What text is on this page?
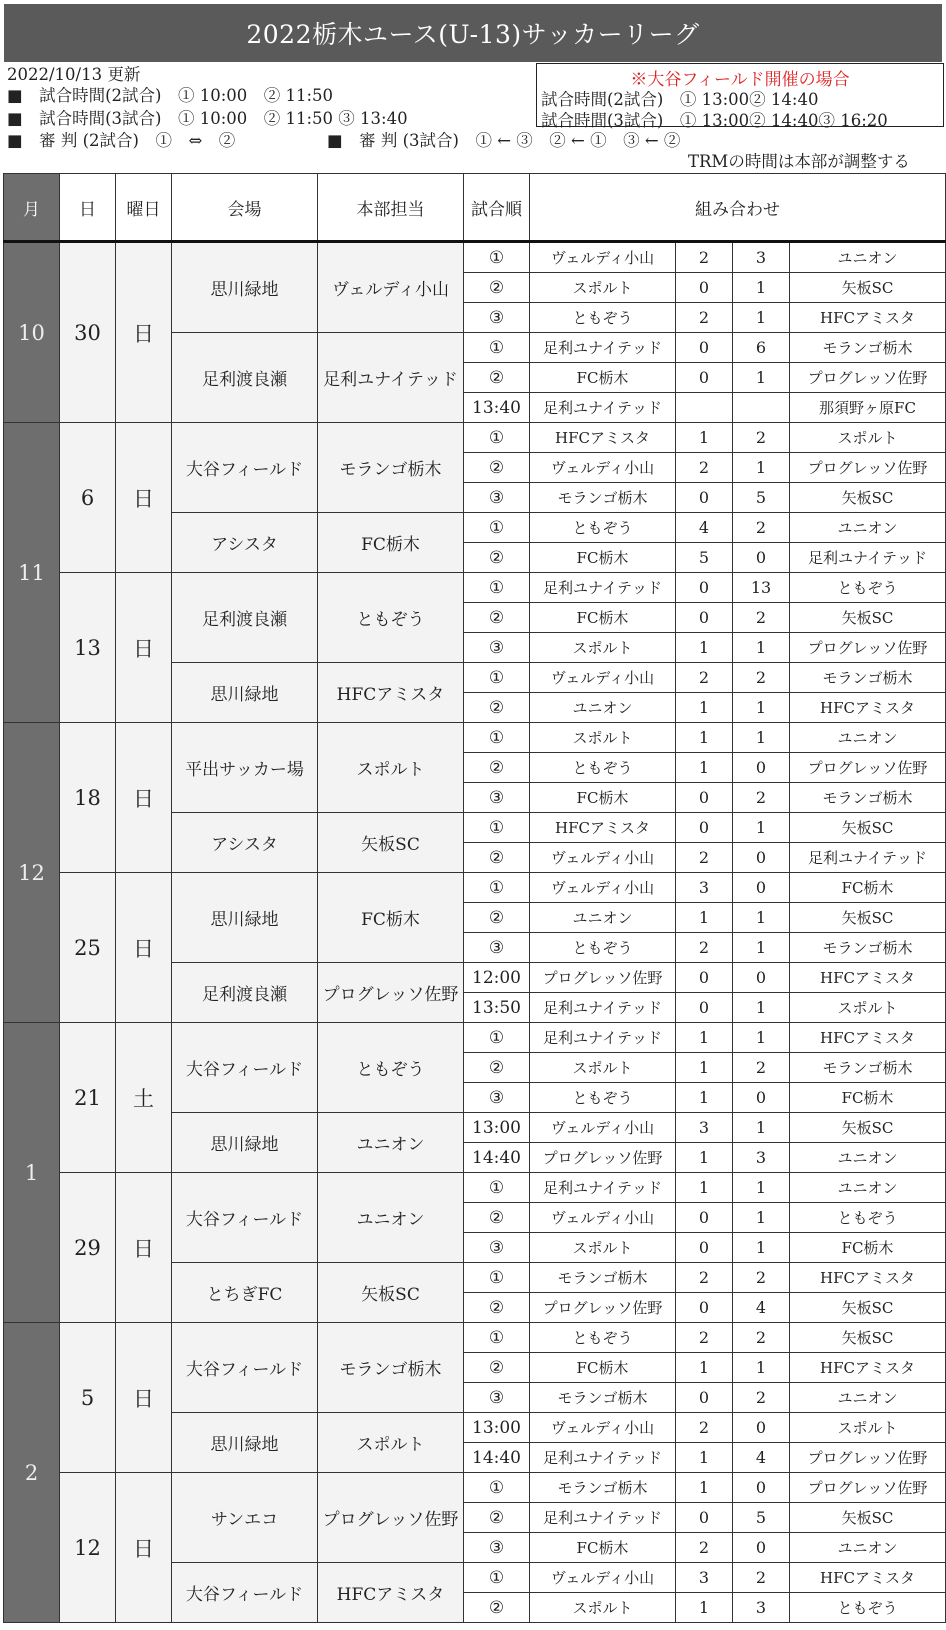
2022栃木ユース(U-13)サッカーリーグ
2022/10/13 更新
■　試合時間(2試合)　① 10:00　② 11:50
■　試合時間(3試合)　① 10:00　② 11:50 ③ 13:40
■　審 判 (2試合)　①　⇔　②	■　審 判 (3試合)　① ← ③　② ← ①　③ ← ②
TRMの時間は本部が調整する
※大谷フィールド開催の場合
試合時間(2試合)　① 13:00② 14:40
試合時間(3試合)　① 13:00② 14:40③ 16:20
月	日	曜日	会場	本部担当	試合順	組み合わせ			
10	30	日	思川緑地	ヴェルディ小山	①	ヴェルディ小山	2	3	ユニオン
					②	スポルト	0	1	矢板SC
					③	ともぞう	2	1	HFCアミスタ
			足利渡良瀬	足利ユナイテッド	①	足利ユナイテッド	0	6	モランゴ栃木
					②	FC栃木	0	1	プログレッソ佐野
					13:40	足利ユナイテッド			那須野ヶ原FC
11	6	日	大谷フィールド	モランゴ栃木	①	HFCアミスタ	1	2	スポルト
					②	ヴェルディ小山	2	1	プログレッソ佐野
					③	モランゴ栃木	0	5	矢板SC
			アシスタ	FC栃木	①	ともぞう	4	2	ユニオン
					②	FC栃木	5	0	足利ユナイテッド
	13	日	足利渡良瀬	ともぞう	①	足利ユナイテッド	0	13	ともぞう
					②	FC栃木	0	2	矢板SC
					③	スポルト	1	1	プログレッソ佐野
			思川緑地	HFCアミスタ	①	ヴェルディ小山	2	2	モランゴ栃木
					②	ユニオン	1	1	HFCアミスタ
12	18	日	平出サッカー場	スポルト	①	スポルト	1	1	ユニオン
					②	ともぞう	1	0	プログレッソ佐野
					③	FC栃木	0	2	モランゴ栃木
			アシスタ	矢板SC	①	HFCアミスタ	0	1	矢板SC
					②	ヴェルディ小山	2	0	足利ユナイテッド
	25	日	思川緑地	FC栃木	①	ヴェルディ小山	3	0	FC栃木
					②	ユニオン	1	1	矢板SC
					③	ともぞう	2	1	モランゴ栃木
			足利渡良瀬	プログレッソ佐野	12:00	プログレッソ佐野	0	0	HFCアミスタ
					13:50	足利ユナイテッド	0	1	スポルト
1	21	土	大谷フィールド	ともぞう	①	足利ユナイテッド	1	1	HFCアミスタ
					②	スポルト	1	2	モランゴ栃木
					③	ともぞう	1	0	FC栃木
			思川緑地	ユニオン	13:00	ヴェルディ小山	3	1	矢板SC
					14:40	プログレッソ佐野	1	3	ユニオン
	29	日	大谷フィールド	ユニオン	①	足利ユナイテッド	1	1	ユニオン
					②	ヴェルディ小山	0	1	ともぞう
					③	スポルト	0	1	FC栃木
			とちぎFC	矢板SC	①	モランゴ栃木	2	2	HFCアミスタ
					②	プログレッソ佐野	0	4	矢板SC
2	5	日	大谷フィールド	モランゴ栃木	①	ともぞう	2	2	矢板SC
					②	FC栃木	1	1	HFCアミスタ
					③	モランゴ栃木	0	2	ユニオン
			思川緑地	スポルト	13:00	ヴェルディ小山	2	0	スポルト
					14:40	足利ユナイテッド	1	4	プログレッソ佐野
	12	日	サンエコ	プログレッソ佐野	①	モランゴ栃木	1	0	プログレッソ佐野
					②	足利ユナイテッド	0	5	矢板SC
					③	FC栃木	2	0	ユニオン
			大谷フィールド	HFCアミスタ	①	ヴェルディ小山	3	2	HFCアミスタ
					②	スポルト	1	3	ともぞう
